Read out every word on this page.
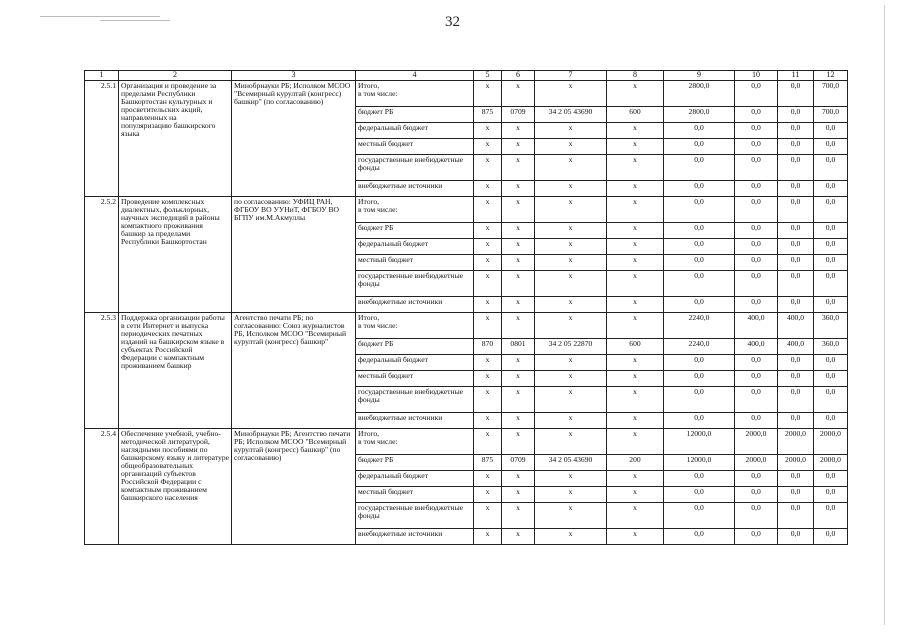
32
1	2	3	4	5	6	7	8	9	10	11	12
2.5.1	Организация и проведение за пределами Республики Башкортостан культурных и просветительских акций, направленных на популяризацию башкирского языка	Минобрнауки РБ; Исполком МСОО "Всемирный курултай (конгресс) башкир" (по согласованию)	Итого,
в том числе:	x	x	x	x	2800,0	0,0	0,0	700,0
			бюджет РБ	875	0709	34 2 05 43690	600	2800,0	0,0	0,0	700,0
			федеральный бюджет	x	x	x	x	0,0	0,0	0,0	0,0
			местный бюджет	x	x	x	x	0,0	0,0	0,0	0,0
			государственные внебюджетные фонды	x	x	x	x	0,0	0,0	0,0	0,0
			внебюджетные источники	x	x	x	x	0,0	0,0	0,0	0,0
2.5.2	Проведение комплексных диалектных, фольклорных, научных экспедиций в районы компактного проживания башкир за пределами Республики Башкортостан	по согласованию: УФИЦ РАН, ФГБОУ ВО УУНиТ, ФГБОУ ВО БГПУ им.М.Акмуллы	Итого,
в том числе:	x	x	x	x	0,0	0,0	0,0	0,0
			бюджет РБ	x	x	x	x	0,0	0,0	0,0	0,0
			федеральный бюджет	x	x	x	x	0,0	0,0	0,0	0,0
			местный бюджет	x	x	x	x	0,0	0,0	0,0	0,0
			государственные внебюджетные фонды	x	x	x	x	0,0	0,0	0,0	0,0
			внебюджетные источники	x	x	x	x	0,0	0,0	0,0	0,0
2.5.3	Поддержка организации работы в сети Интернет и выпуска периодических печатных изданий на башкирском языке в субъектах Российской Федерации с компактным проживанием башкир	Агентство печати РБ; по согласованию: Союз журналистов РБ, Исполком МСОО "Всемирный курултай (конгресс) башкир"	Итого,
в том числе:	x	x	x	x	2240,0	400,0	400,0	360,0
			бюджет РБ	870	0801	34 2 05 22870	600	2240,0	400,0	400,0	360,0
			федеральный бюджет	x	x	x	x	0,0	0,0	0,0	0,0
			местный бюджет	x	x	x	x	0,0	0,0	0,0	0,0
			государственные внебюджетные фонды	x	x	x	x	0,0	0,0	0,0	0,0
			внебюджетные источники	x	x	x	x	0,0	0,0	0,0	0,0
2.5.4	Обеспечение учебной, учебно-методической литературой, наглядными пособиями по башкирскому языку и литературе общеобразовательных организаций субъектов Российской Федерации с компактным проживанием башкирского населения	Минобрнауки РБ; Агентство печати РБ; Исполком МСОО "Всемирный курултай (конгресс) башкир" (по согласованию)	Итого,
в том числе:	x	x	x	x	12000,0	2000,0	2000,0	2000,0
			бюджет РБ	875	0709	34 2 05 43690	200	12000,0	2000,0	2000,0	2000,0
			федеральный бюджет	x	x	x	x	0,0	0,0	0,0	0,0
			местный бюджет	x	x	x	x	0,0	0,0	0,0	0,0
			государственные внебюджетные фонды	x	x	x	x	0,0	0,0	0,0	0,0
			внебюджетные источники	x	x	x	x	0,0	0,0	0,0	0,0
